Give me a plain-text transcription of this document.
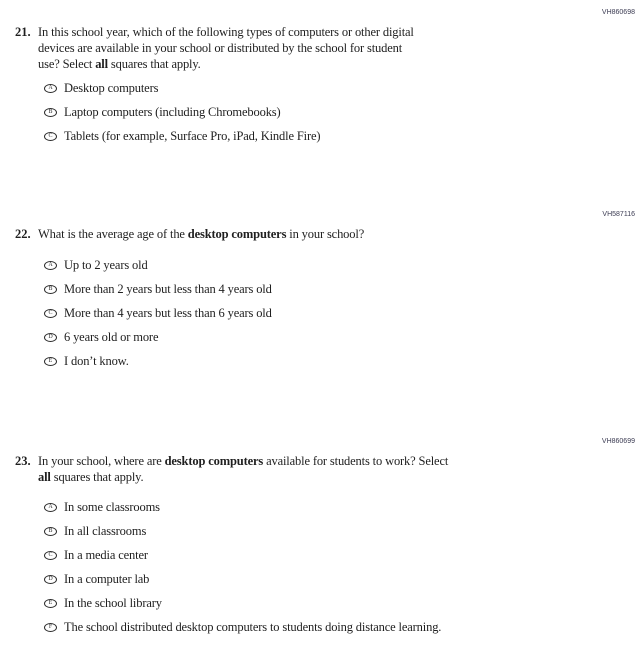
VH860698
21. In this school year, which of the following types of computers or other digital
devices are available in your school or distributed by the school for student
use? Select all squares that apply.
A Desktop computers
B Laptop computers (including Chromebooks)
C Tablets (for example, Surface Pro, iPad, Kindle Fire)
VH587116
22. What is the average age of the desktop computers in your school?
A Up to 2 years old
B More than 2 years but less than 4 years old
C More than 4 years but less than 6 years old
D 6 years old or more
E I don’t know.
VH860699
23. In your school, where are desktop computers available for students to work? Select
all squares that apply.
A In some classrooms
B In all classrooms
C In a media center
D In a computer lab
E In the school library
F The school distributed desktop computers to students doing distance learning.
